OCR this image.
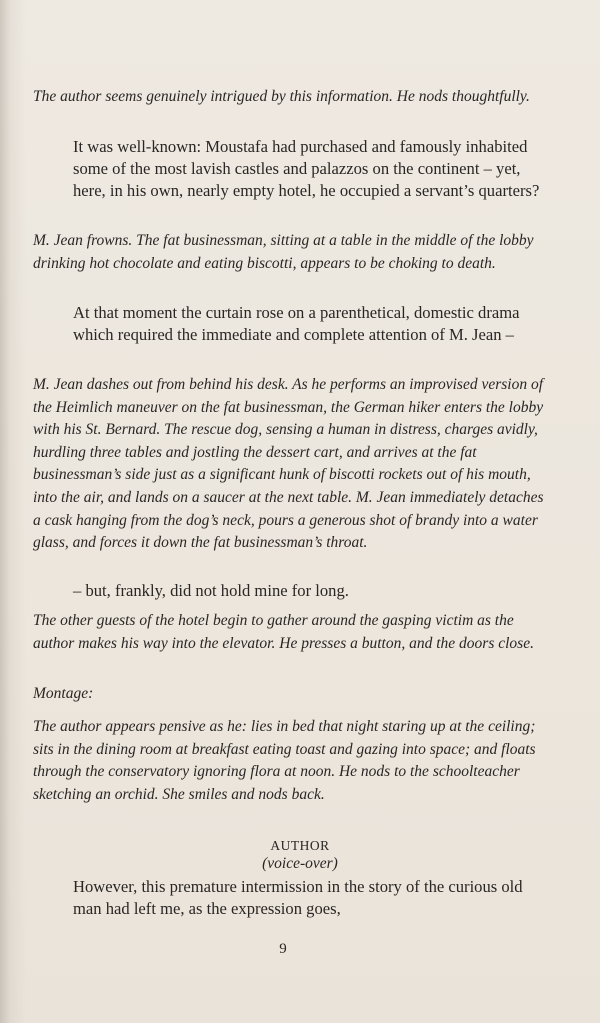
The author seems genuinely intrigued by this information. He nods thoughtfully.

It was well-known: Moustafa had purchased and famously inhabited some of the most lavish castles and palazzos on the continent – yet, here, in his own, nearly empty hotel, he occupied a servant’s quarters?

M. Jean frowns. The fat businessman, sitting at a table in the middle of the lobby drinking hot chocolate and eating biscotti, appears to be choking to death.

At that moment the curtain rose on a parenthetical, domestic drama which required the immediate and complete attention of M. Jean –

M. Jean dashes out from behind his desk. As he performs an improvised version of the Heimlich maneuver on the fat businessman, the German hiker enters the lobby with his St. Bernard. The rescue dog, sensing a human in distress, charges avidly, hurdling three tables and jostling the dessert cart, and arrives at the fat businessman’s side just as a significant hunk of biscotti rockets out of his mouth, into the air, and lands on a saucer at the next table. M. Jean immediately detaches a cask hanging from the dog’s neck, pours a generous shot of brandy into a water glass, and forces it down the fat businessman’s throat.

– but, frankly, did not hold mine for long.

The other guests of the hotel begin to gather around the gasping victim as the author makes his way into the elevator. He presses a button, and the doors close.

Montage:

The author appears pensive as he: lies in bed that night staring up at the ceiling; sits in the dining room at breakfast eating toast and gazing into space; and floats through the conservatory ignoring flora at noon. He nods to the schoolteacher sketching an orchid. She smiles and nods back.

AUTHOR
(voice-over)

However, this premature intermission in the story of the curious old man had left me, as the expression goes,

9
